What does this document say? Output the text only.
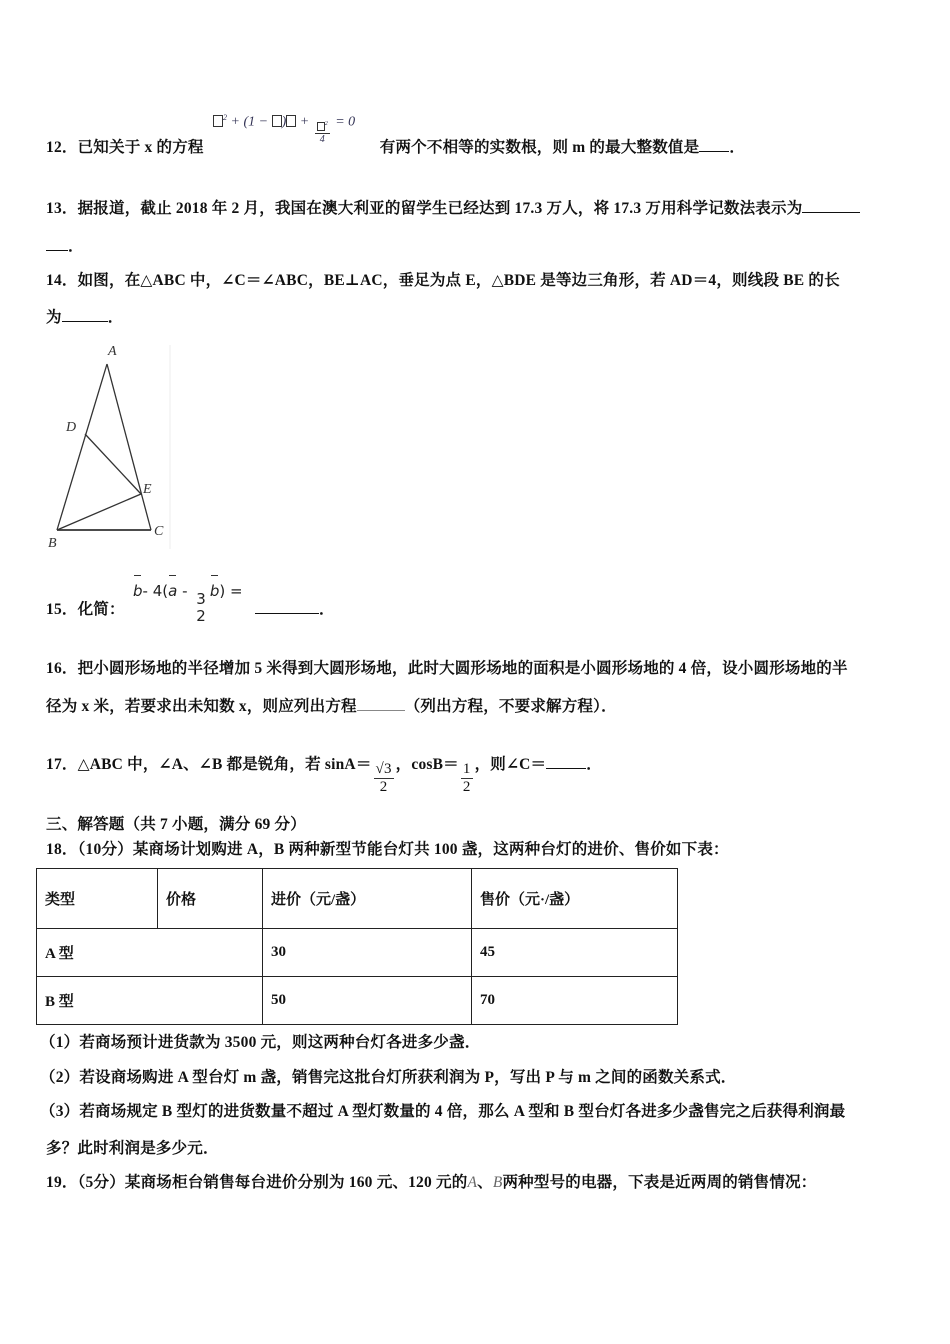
$^2$ + (1 − ) + $\frac{^2}{4} = 0$
12．已知关于 x 的方程	有两个不相等的实数根，则 m 的最大整数值是 ．
13．据报道，截止 2018 年 2 月，我国在澳大利亚的留学生已经达到 17.3 万人，将 17.3 万用科学记数法表示为
．
14．如图，在△ABC 中，∠C＝∠ABC，BE⊥AC，垂足为点 E，△BDE 是等边三角形，若 AD＝4，则线段 BE 的长
为	．
A
D
E
B
C
15．化简：
b- 4(a - 3
2
b) =
．
16．把小圆形场地的半径增加 5 米得到大圆形场地，此时大圆形场地的面积是小圆形场地的 4 倍，设小圆形场地的半
径为 x 米，若要求出未知数 x，则应列出方程	（列出方程，不要求解方程）．
17．△ABC 中，∠A、∠B 都是锐角，若 $\sin A= \frac{√3}{2}$ ，$\cos B= \frac{1}{2}$ ，则∠C＝	．
三、解答题（共 7 小题，满分 69 分）
18．（10分）某商场计划购进 A，B 两种新型节能台灯共 100 盏，这两种台灯的进价、售价如下表：
类型	价格	进价（元/盏）	售价（元·/盏）
A 型		30	45
B 型		50	70
（1）若商场预计进货款为 3500 元，则这两种台灯各进多少盏．
（2）若设商场购进 A 型台灯 m 盏，销售完这批台灯所获利润为 P，写出 P 与 m 之间的函数关系式．
（3）若商场规定 B 型灯的进货数量不超过 A 型灯数量的 4 倍，那么 A 型和 B 型台灯各进多少盏售完之后获得利润最
多？此时利润是多少元．
19．（5分）某商场柜台销售每台进价分别为 160 元、120 元的A、B两种型号的电器，下表是近两周的销售情况：
